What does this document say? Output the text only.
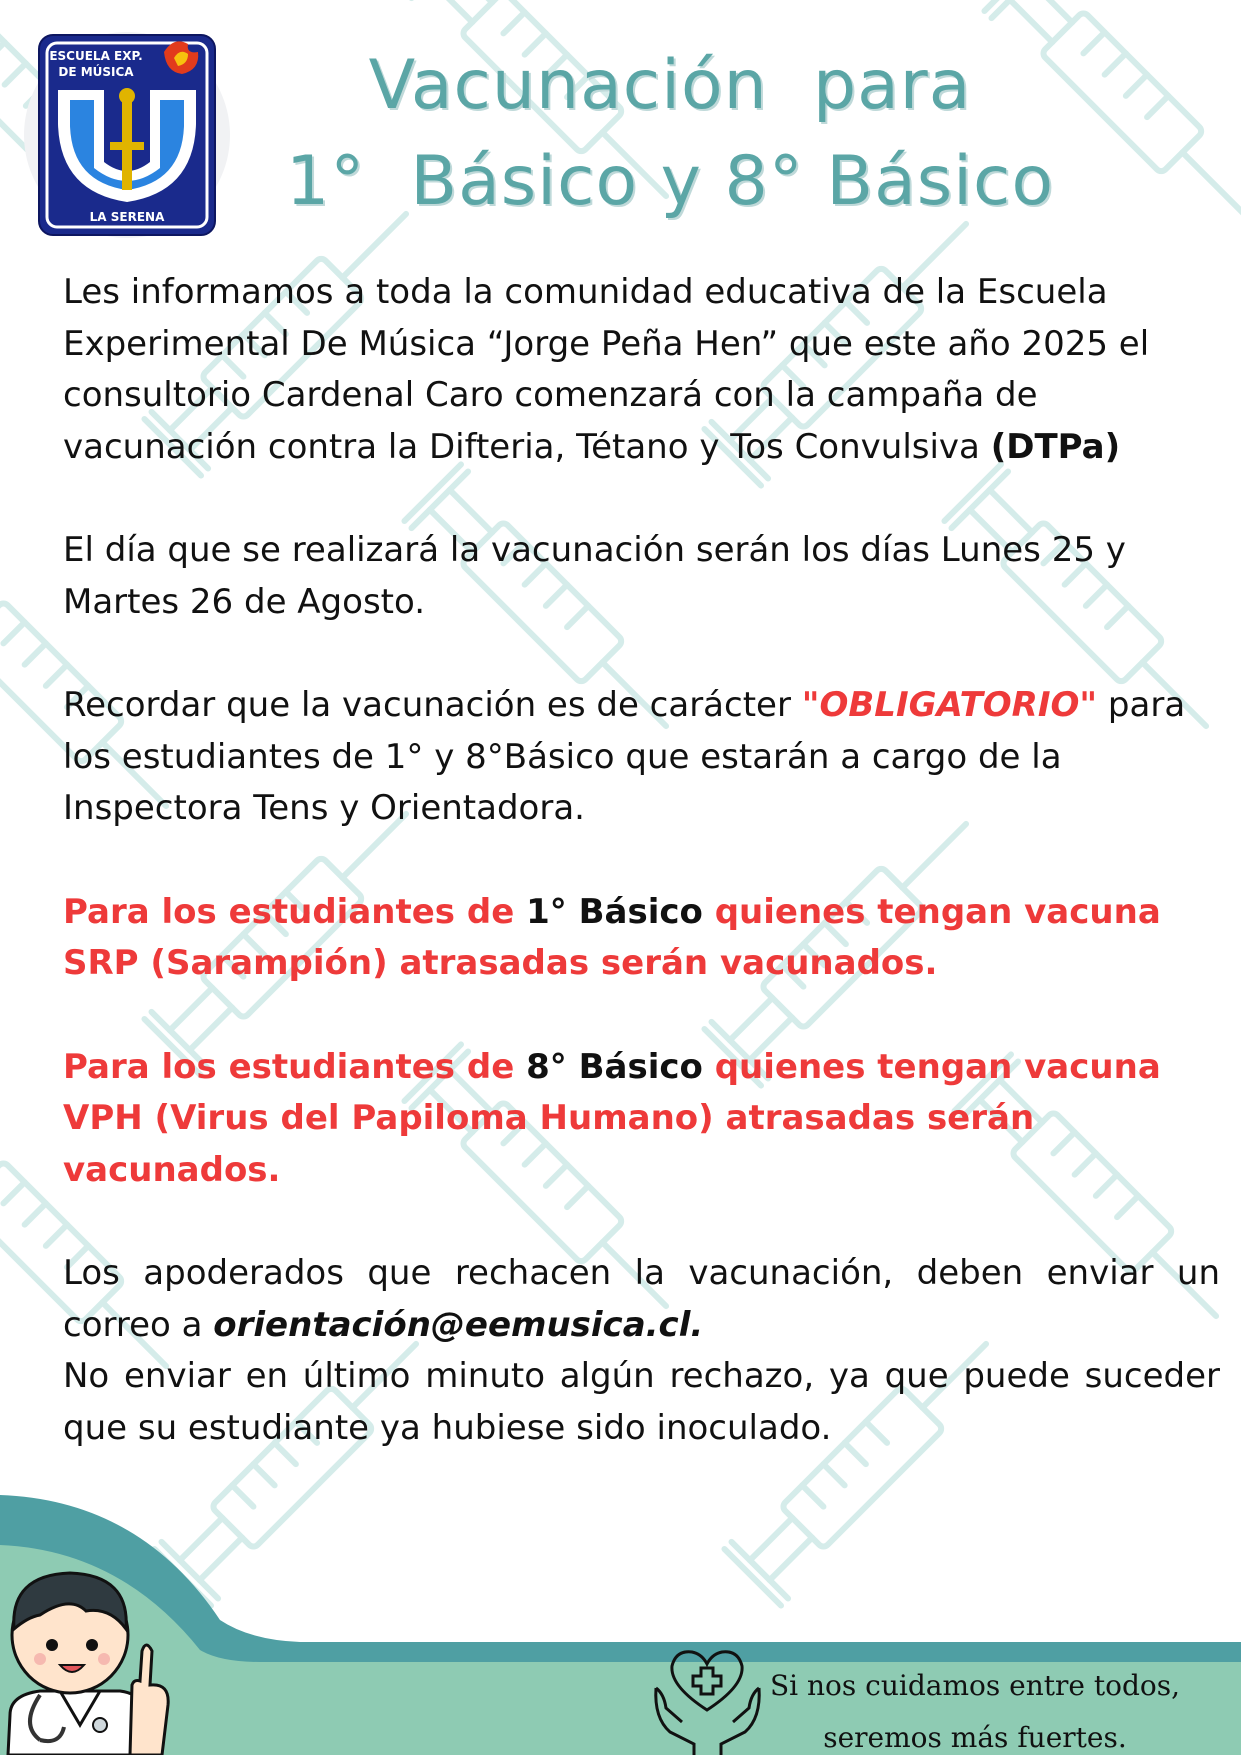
ESCUELA EXP.
DE MÚSICA
LA SERENA
Vacunación  para
1°  Básico y 8° Básico

Les informamos a toda la comunidad educativa de la Escuela Experimental De Música “Jorge Peña Hen” que este año 2025 el consultorio Cardenal Caro comenzará con la campaña de vacunación contra la Difteria, Tétano y Tos Convulsiva (DTPa)

El día que se realizará la vacunación serán los días Lunes 25 y Martes 26 de Agosto.

Recordar que la vacunación es de carácter "OBLIGATORIO" para los estudiantes de 1° y 8°Básico que estarán a cargo de la Inspectora Tens y Orientadora.

Para los estudiantes de 1° Básico quienes tengan vacuna SRP (Sarampión) atrasadas serán vacunados.

Para los estudiantes de 8° Básico quienes tengan vacuna VPH (Virus del Papiloma Humano) atrasadas serán vacunados.

Los apoderados que rechacen la vacunación, deben enviar un correo a orientación@eemusica.cl.

No enviar en último minuto algún rechazo, ya que puede suceder que su estudiante ya hubiese sido inoculado.

Si nos cuidamos entre todos,
seremos más fuertes.
